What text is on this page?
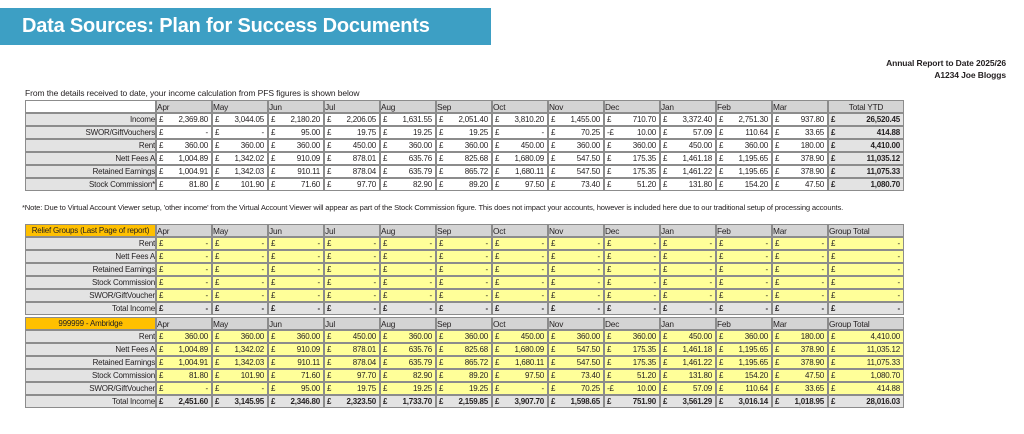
Data Sources: Plan for Success Documents
Annual Report to Date 2025/26
A1234 Joe Bloggs
From the details received to date, your income calculation from PFS figures is shown below
	Apr	May	Jun	Jul	Aug	Sep	Oct	Nov	Dec	Jan	Feb	Mar	Total YTD
Income	£ 2,369.80	£ 3,044.05	£ 2,180.20	£ 2,206.05	£ 1,631.55	£ 2,051.40	£ 3,810.20	£ 1,455.00	£ 710.70	£ 3,372.40	£ 2,751.30	£ 937.80	£ 26,520.45

SWOR/GiftVouchers	£ -	£ -	£ 95.00	£ 19.75	£ 19.25	£ 19.25	£ -	£ 70.25	-£ 10.00	£ 57.09	£ 110.64	£ 33.65	£ 414.88

Rent	£ 360.00	£ 360.00	£ 360.00	£ 450.00	£ 360.00	£ 360.00	£ 450.00	£ 360.00	£ 360.00	£ 450.00	£ 360.00	£ 180.00	£ 4,410.00

Nett Fees A	£ 1,004.89	£ 1,342.02	£ 910.09	£ 878.01	£ 635.76	£ 825.68	£ 1,680.09	£ 547.50	£ 175.35	£ 1,461.18	£ 1,195.65	£ 378.90	£ 11,035.12

Retained Earnings	£ 1,004.91	£ 1,342.03	£ 910.11	£ 878.04	£ 635.79	£ 865.72	£ 1,680.11	£ 547.50	£ 175.35	£ 1,461.22	£ 1,195.65	£ 378.90	£ 11,075.33

Stock Commission*	£ 81.80	£ 101.90	£ 71.60	£ 97.70	£ 82.90	£ 89.20	£ 97.50	£ 73.40	£ 51.20	£ 131.80	£ 154.20	£ 47.50	£ 1,080.70
*Note: Due to Virtual Account Viewer setup, 'other income' from the Virtual Account Viewer will appear as part of the Stock Commission figure. This does not impact your accounts, however is included here due to our traditional setup of processing accounts.
Relief Groups (Last Page of report)	Apr	May	Jun	Jul	Aug	Sep	Oct	Nov	Dec	Jan	Feb	Mar	Group Total
Rent	£ -	£ -	£ -	£ -	£ -	£ -	£ -	£ -	£ -	£ -	£ -	£ -	£ -

Nett Fees A	£ -	£ -	£ -	£ -	£ -	£ -	£ -	£ -	£ -	£ -	£ -	£ -	£ -

Retained Earnings	£ -	£ -	£ -	£ -	£ -	£ -	£ -	£ -	£ -	£ -	£ -	£ -	£ -

Stock Commission	£ -	£ -	£ -	£ -	£ -	£ -	£ -	£ -	£ -	£ -	£ -	£ -	£ -

SWOR/GiftVoucher	£ -	£ -	£ -	£ -	£ -	£ -	£ -	£ -	£ -	£ -	£ -	£ -	£ -

Total Income	£ -	£ -	£ -	£ -	£ -	£ -	£ -	£ -	£ -	£ -	£ -	£ -	£ -
999999 - Ambridge	Apr	May	Jun	Jul	Aug	Sep	Oct	Nov	Dec	Jan	Feb	Mar	Group Total
Rent	£ 360.00	£ 360.00	£ 360.00	£ 450.00	£ 360.00	£ 360.00	£ 450.00	£ 360.00	£ 360.00	£ 450.00	£ 360.00	£ 180.00	£ 4,410.00

Nett Fees A	£ 1,004.89	£ 1,342.02	£ 910.09	£ 878.01	£ 635.76	£ 825.68	£ 1,680.09	£ 547.50	£ 175.35	£ 1,461.18	£ 1,195.65	£ 378.90	£ 11,035.12

Retained Earnings	£ 1,004.91	£ 1,342.03	£ 910.11	£ 878.04	£ 635.79	£ 865.72	£ 1,680.11	£ 547.50	£ 175.35	£ 1,461.22	£ 1,195.65	£ 378.90	£ 11,075.33

Stock Commission	£ 81.80	£ 101.90	£ 71.60	£ 97.70	£ 82.90	£ 89.20	£ 97.50	£ 73.40	£ 51.20	£ 131.80	£ 154.20	£ 47.50	£ 1,080.70

SWOR/GiftVoucher	£ -	£ -	£ 95.00	£ 19.75	£ 19.25	£ 19.25	£ -	£ 70.25	-£ 10.00	£ 57.09	£ 110.64	£ 33.65	£ 414.88

Total Income	£ 2,451.60	£ 3,145.95	£ 2,346.80	£ 2,323.50	£ 1,733.70	£ 2,159.85	£ 3,907.70	£ 1,598.65	£ 751.90	£ 3,561.29	£ 3,016.14	£ 1,018.95	£ 28,016.03
